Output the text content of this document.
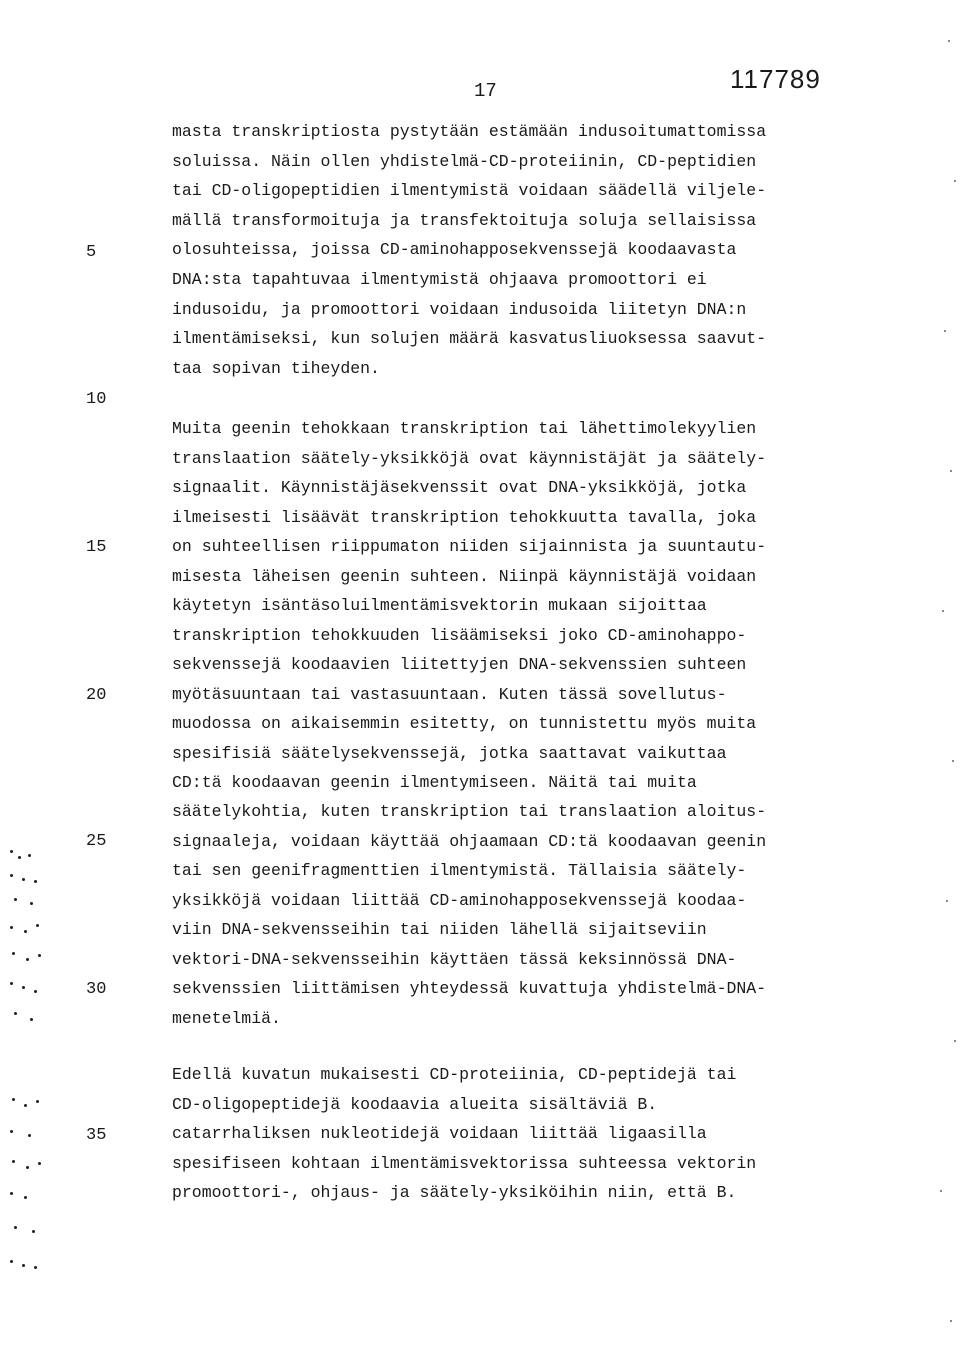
17	117789
5
10
15
20
25
30
35
masta transkriptiosta pystytään estämään indusoitumattomissa
soluissa. Näin ollen yhdistelmä-CD-proteiinin, CD-peptidien
tai CD-oligopeptidien ilmentymistä voidaan säädellä viljele-
mällä transformoituja ja transfektoituja soluja sellaisissa
olosuhteissa, joissa CD-aminohapposekvenssejä koodaavasta
DNA:sta tapahtuvaa ilmentymistä ohjaava promoottori ei
indusoidu, ja promoottori voidaan indusoida liitetyn DNA:n
ilmentämiseksi, kun solujen määrä kasvatusliuoksessa saavut-
taa sopivan tiheyden.
Muita geenin tehokkaan transkription tai lähettimolekyylien
translaation säätely-yksikköjä ovat käynnistäjät ja säätely-
signaalit. Käynnistäjäsekvenssit ovat DNA-yksikköjä, jotka
ilmeisesti lisäävät transkription tehokkuutta tavalla, joka
on suhteellisen riippumaton niiden sijainnista ja suuntautu-
misesta läheisen geenin suhteen. Niinpä käynnistäjä voidaan
käytetyn isäntäsoluilmentämisvektorin mukaan sijoittaa
transkription tehokkuuden lisäämiseksi joko CD-aminohappo-
sekvenssejä koodaavien liitettyjen DNA-sekvenssien suhteen
myötäsuuntaan tai vastasuuntaan. Kuten tässä sovellutus-
muodossa on aikaisemmin esitetty, on tunnistettu myös muita
spesifisiä säätelysekvenssejä, jotka saattavat vaikuttaa
CD:tä koodaavan geenin ilmentymiseen. Näitä tai muita
säätelykohtia, kuten transkription tai translaation aloitus-
signaaleja, voidaan käyttää ohjaamaan CD:tä koodaavan geenin
tai sen geenifragmenttien ilmentymistä. Tällaisia säätely-
yksikköjä voidaan liittää CD-aminohapposekvenssejä koodaa-
viin DNA-sekvensseihin tai niiden lähellä sijaitseviin
vektori-DNA-sekvensseihin käyttäen tässä keksinnössä DNA-
sekvenssien liittämisen yhteydessä kuvattuja yhdistelmä-DNA-
menetelmiä.
Edellä kuvatun mukaisesti CD-proteiinia, CD-peptidejä tai
CD-oligopeptidejä koodaavia alueita sisältäviä B.
catarrhaliksen nukleotidejä voidaan liittää ligaasilla
spesifiseen kohtaan ilmentämisvektorissa suhteessa vektorin
promoottori-, ohjaus- ja säätely-yksiköihin niin, että B.
